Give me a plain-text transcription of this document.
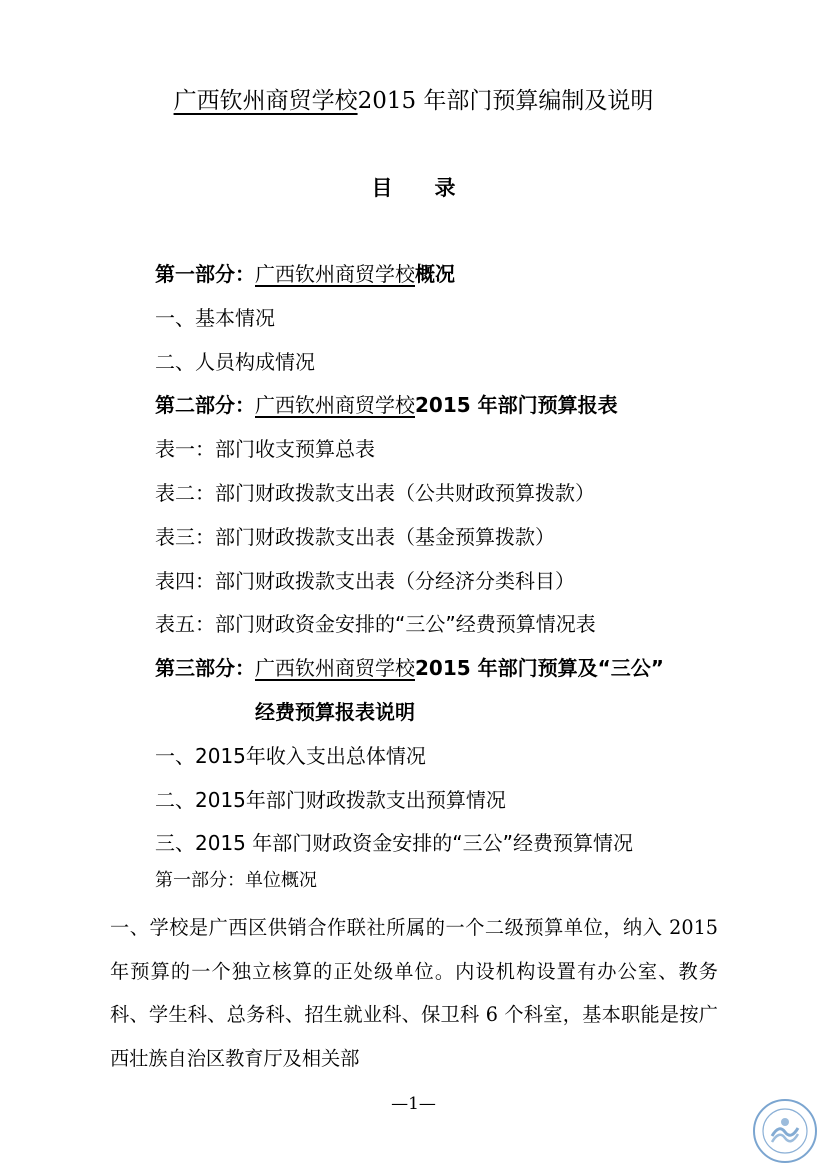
广西钦州商贸学校2015 年部门预算编制及说明
目 录
第一部分：广西钦州商贸学校概况
一、基本情况
二、人员构成情况
第二部分：广西钦州商贸学校2015 年部门预算报表
表一：部门收支预算总表
表二：部门财政拨款支出表（公共财政预算拨款）
表三：部门财政拨款支出表（基金预算拨款）
表四：部门财政拨款支出表（分经济分类科目）
表五：部门财政资金安排的“三公”经费预算情况表
第三部分：广西钦州商贸学校2015 年部门预算及“三公”
经费预算报表说明
一、2015年收入支出总体情况
二、2015年部门财政拨款支出预算情况
三、2015 年部门财政资金安排的“三公”经费预算情况
第一部分：单位概况

一、学校是广西区供销合作联社所属的一个二级预算单位，纳入 2015 年预算的一个独立核算的正处级单位。内设机构设置有办公室、教务科、学生科、总务科、招生就业科、保卫科 6 个科室，基本职能是按广西壮族自治区教育厅及相关部

—1—
